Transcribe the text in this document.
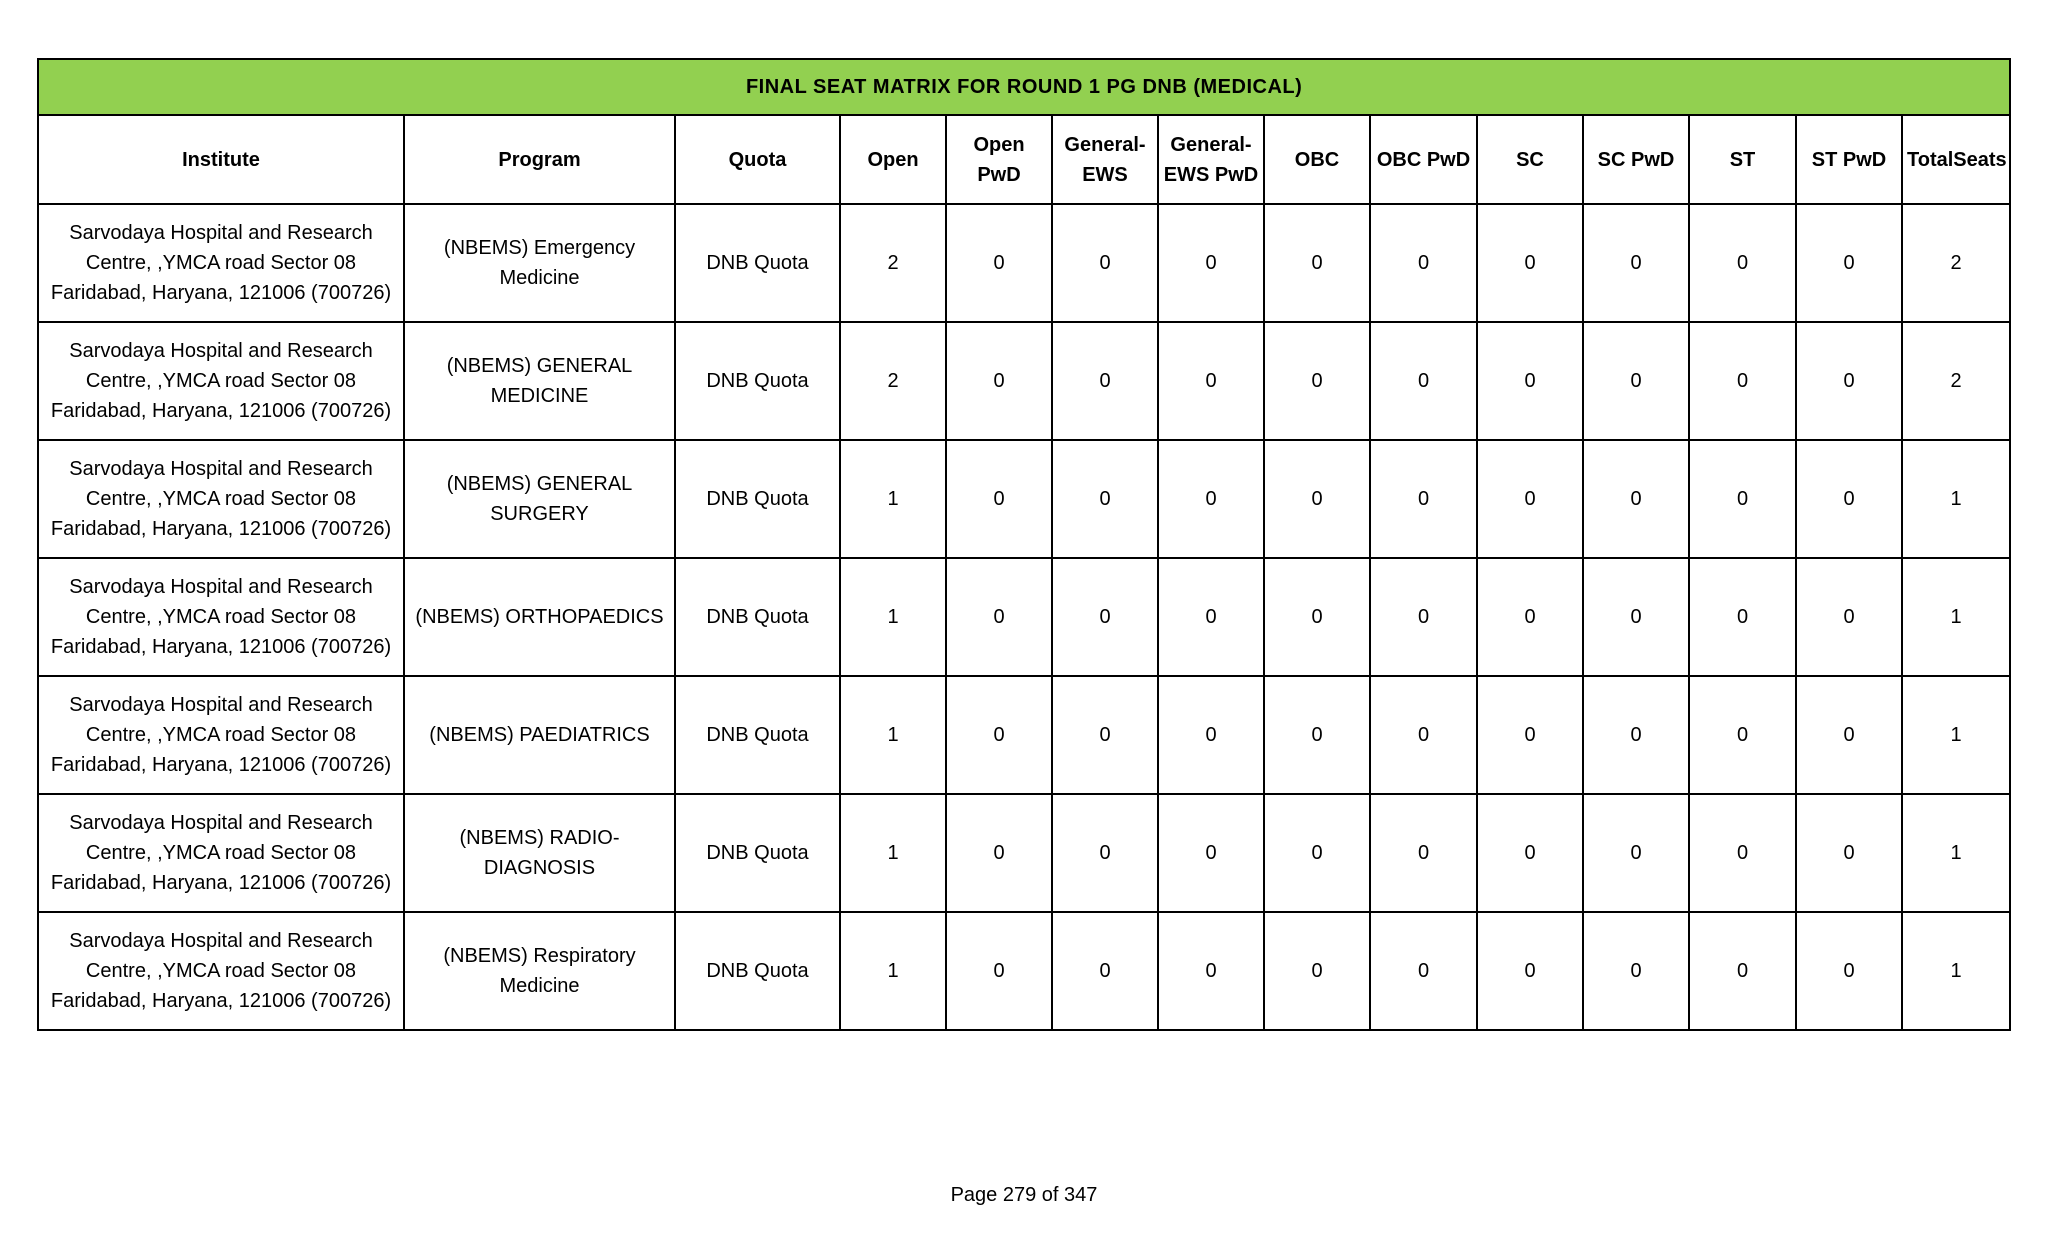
FINAL SEAT MATRIX FOR ROUND 1 PG DNB (MEDICAL)													
Institute	Program	Quota	Open	Open PwD	General-EWS	General-EWS PwD	OBC	OBC PwD	SC	SC PwD	ST	ST PwD	TotalSeats
Sarvodaya Hospital and Research Centre, ,YMCA road Sector 08 Faridabad, Haryana, 121006 (700726)	(NBEMS) Emergency Medicine	DNB Quota	2	0	0	0	0	0	0	0	0	0	2
Sarvodaya Hospital and Research Centre, ,YMCA road Sector 08 Faridabad, Haryana, 121006 (700726)	(NBEMS) GENERAL MEDICINE	DNB Quota	2	0	0	0	0	0	0	0	0	0	2
Sarvodaya Hospital and Research Centre, ,YMCA road Sector 08 Faridabad, Haryana, 121006 (700726)	(NBEMS) GENERAL SURGERY	DNB Quota	1	0	0	0	0	0	0	0	0	0	1
Sarvodaya Hospital and Research Centre, ,YMCA road Sector 08 Faridabad, Haryana, 121006 (700726)	(NBEMS) ORTHOPAEDICS	DNB Quota	1	0	0	0	0	0	0	0	0	0	1
Sarvodaya Hospital and Research Centre, ,YMCA road Sector 08 Faridabad, Haryana, 121006 (700726)	(NBEMS) PAEDIATRICS	DNB Quota	1	0	0	0	0	0	0	0	0	0	1
Sarvodaya Hospital and Research Centre, ,YMCA road Sector 08 Faridabad, Haryana, 121006 (700726)	(NBEMS) RADIO-DIAGNOSIS	DNB Quota	1	0	0	0	0	0	0	0	0	0	1
Sarvodaya Hospital and Research Centre, ,YMCA road Sector 08 Faridabad, Haryana, 121006 (700726)	(NBEMS) Respiratory Medicine	DNB Quota	1	0	0	0	0	0	0	0	0	0	1
Page 279 of 347
